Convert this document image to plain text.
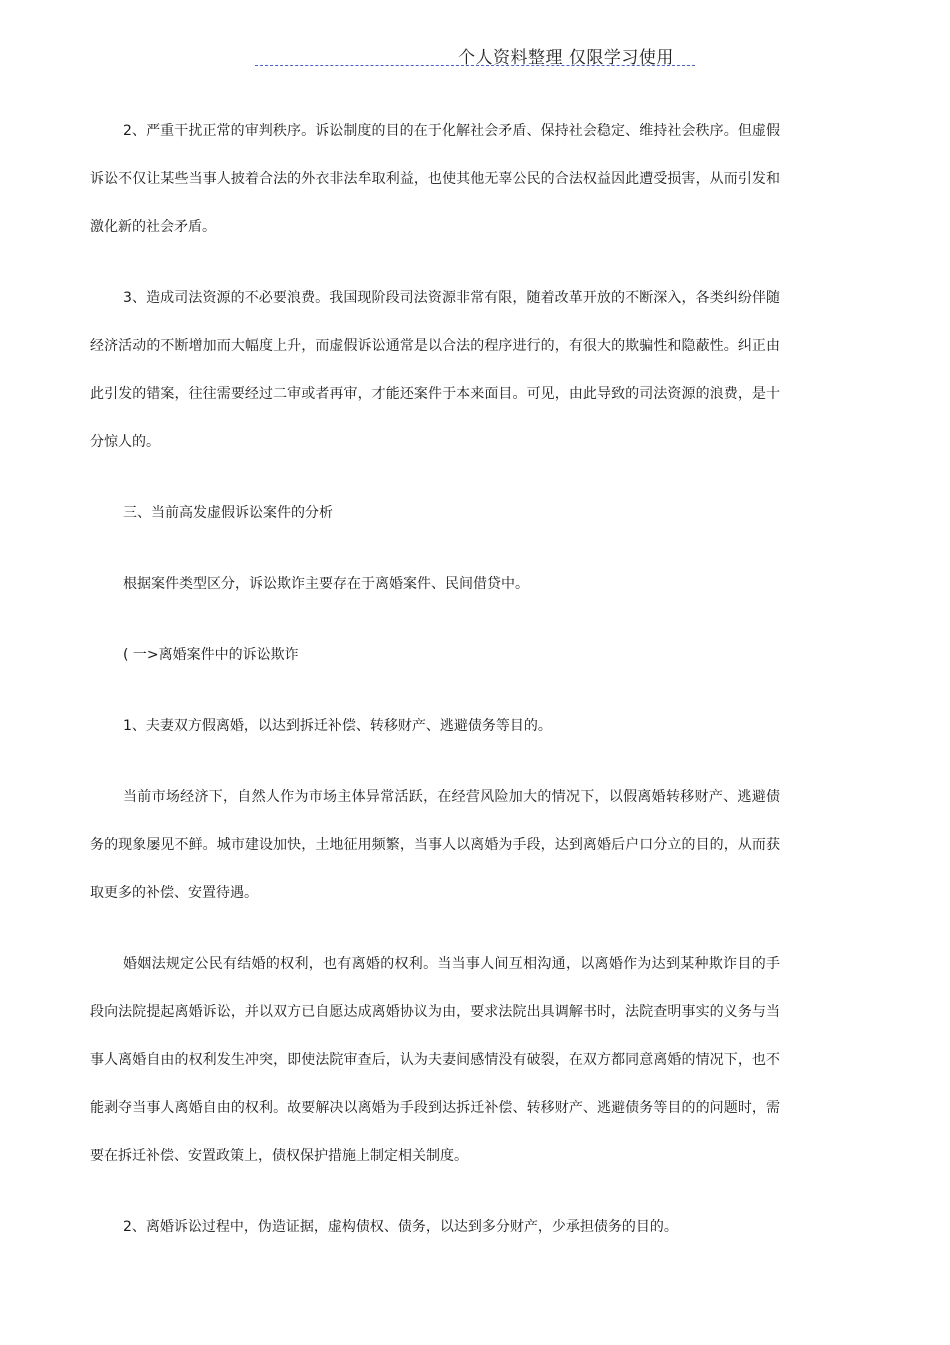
个人资料整理 仅限学习使用

2、严重干扰正常的审判秩序。诉讼制度的目的在于化解社会矛盾、保持社会稳定、维持社会秩序。但虚假诉讼不仅让某些当事人披着合法的外衣非法牟取利益，也使其他无辜公民的合法权益因此遭受损害，从而引发和激化新的社会矛盾。

3、造成司法资源的不必要浪费。我国现阶段司法资源非常有限，随着改革开放的不断深入，各类纠纷伴随经济活动的不断增加而大幅度上升，而虚假诉讼通常是以合法的程序进行的，有很大的欺骗性和隐蔽性。纠正由此引发的错案，往往需要经过二审或者再审，才能还案件于本来面目。可见，由此导致的司法资源的浪费，是十分惊人的。

三、当前高发虚假诉讼案件的分析

根据案件类型区分，诉讼欺诈主要存在于离婚案件、民间借贷中。

( 一>离婚案件中的诉讼欺诈

1、夫妻双方假离婚，以达到拆迁补偿、转移财产、逃避债务等目的。

当前市场经济下，自然人作为市场主体异常活跃，在经营风险加大的情况下，以假离婚转移财产、逃避债务的现象屡见不鲜。城市建设加快，土地征用频繁，当事人以离婚为手段，达到离婚后户口分立的目的，从而获取更多的补偿、安置待遇。

婚姻法规定公民有结婚的权利，也有离婚的权利。当当事人间互相沟通，以离婚作为达到某种欺诈目的手段向法院提起离婚诉讼，并以双方已自愿达成离婚协议为由，要求法院出具调解书时，法院查明事实的义务与当事人离婚自由的权利发生冲突，即使法院审查后，认为夫妻间感情没有破裂，在双方都同意离婚的情况下，也不能剥夺当事人离婚自由的权利。故要解决以离婚为手段到达拆迁补偿、转移财产、逃避债务等目的的问题时，需要在拆迁补偿、安置政策上，债权保护措施上制定相关制度。

2、离婚诉讼过程中，伪造证据，虚构债权、债务，以达到多分财产，少承担债务的目的。
